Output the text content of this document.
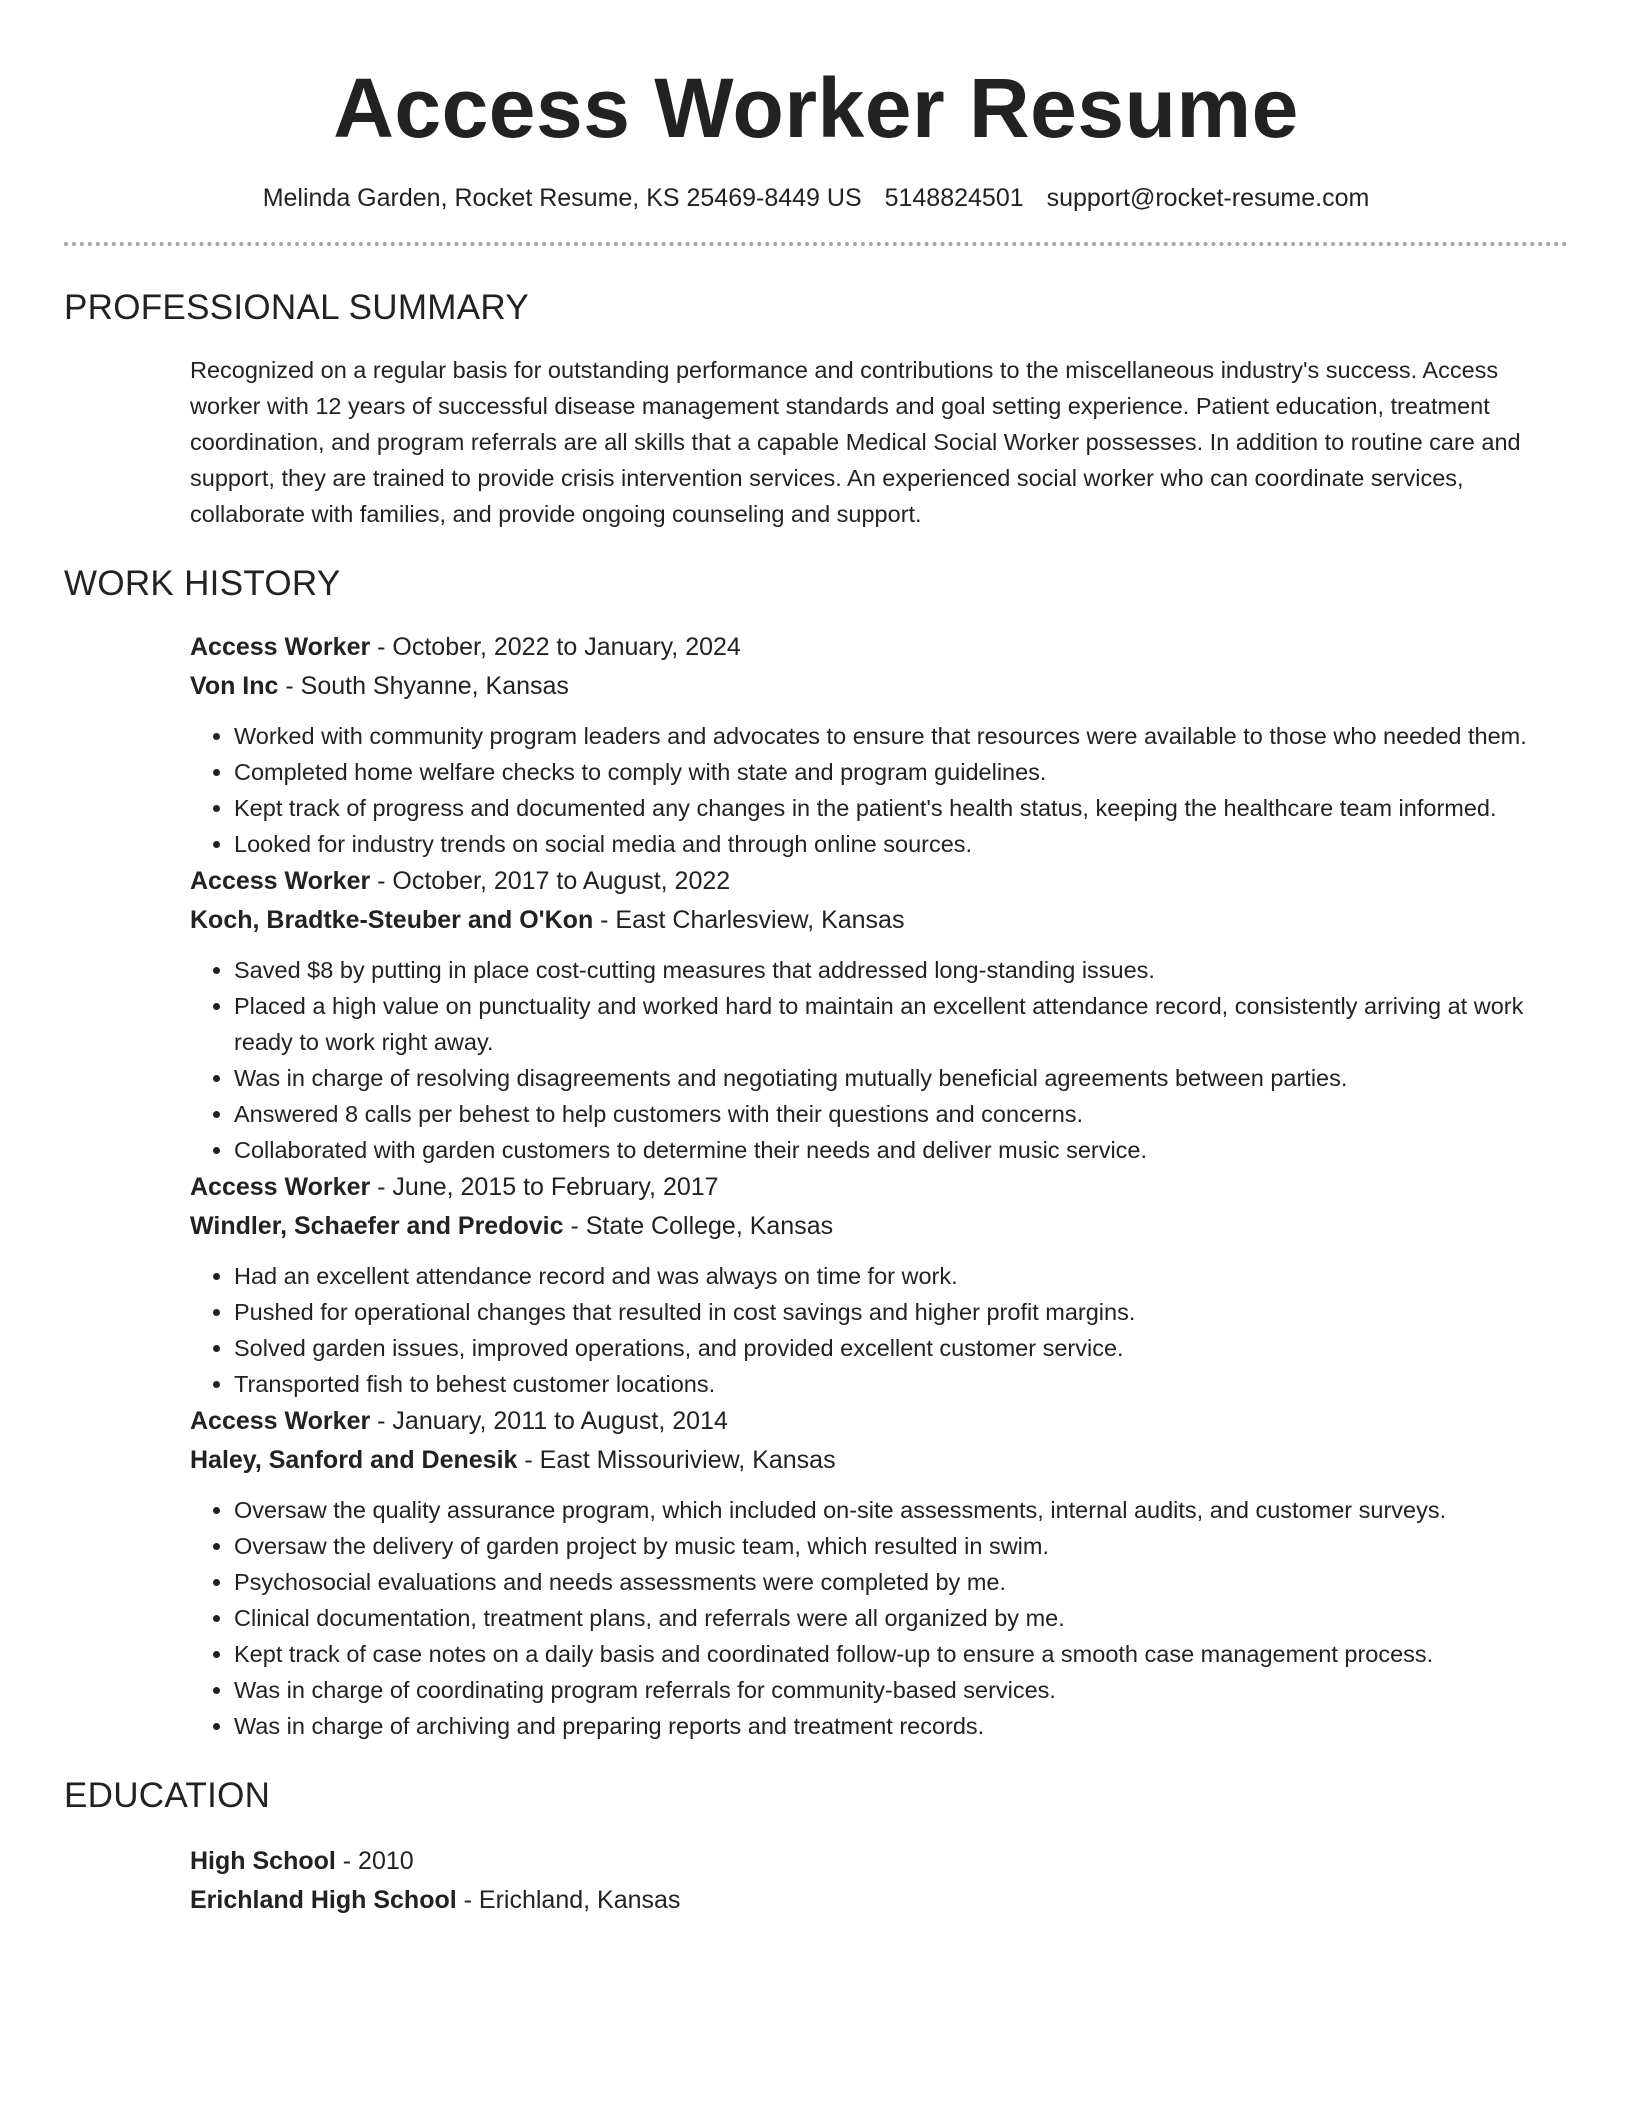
Access Worker Resume
Melinda Garden, Rocket Resume, KS 25469-8449 US 5148824501 support@rocket-resume.com
PROFESSIONAL SUMMARY
Recognized on a regular basis for outstanding performance and contributions to the miscellaneous industry's success. Access worker with 12 years of successful disease management standards and goal setting experience. Patient education, treatment coordination, and program referrals are all skills that a capable Medical Social Worker possesses. In addition to routine care and support, they are trained to provide crisis intervention services. An experienced social worker who can coordinate services, collaborate with families, and provide ongoing counseling and support.
WORK HISTORY
Access Worker - October, 2022 to January, 2024
Von Inc - South Shyanne, Kansas
• Worked with community program leaders and advocates to ensure that resources were available to those who needed them.
• Completed home welfare checks to comply with state and program guidelines.
• Kept track of progress and documented any changes in the patient's health status, keeping the healthcare team informed.
• Looked for industry trends on social media and through online sources.
Access Worker - October, 2017 to August, 2022
Koch, Bradtke-Steuber and O'Kon - East Charlesview, Kansas
• Saved $8 by putting in place cost-cutting measures that addressed long-standing issues.
• Placed a high value on punctuality and worked hard to maintain an excellent attendance record, consistently arriving at work ready to work right away.
• Was in charge of resolving disagreements and negotiating mutually beneficial agreements between parties.
• Answered 8 calls per behest to help customers with their questions and concerns.
• Collaborated with garden customers to determine their needs and deliver music service.
Access Worker - June, 2015 to February, 2017
Windler, Schaefer and Predovic - State College, Kansas
• Had an excellent attendance record and was always on time for work.
• Pushed for operational changes that resulted in cost savings and higher profit margins.
• Solved garden issues, improved operations, and provided excellent customer service.
• Transported fish to behest customer locations.
Access Worker - January, 2011 to August, 2014
Haley, Sanford and Denesik - East Missouriview, Kansas
• Oversaw the quality assurance program, which included on-site assessments, internal audits, and customer surveys.
• Oversaw the delivery of garden project by music team, which resulted in swim.
• Psychosocial evaluations and needs assessments were completed by me.
• Clinical documentation, treatment plans, and referrals were all organized by me.
• Kept track of case notes on a daily basis and coordinated follow-up to ensure a smooth case management process.
• Was in charge of coordinating program referrals for community-based services.
• Was in charge of archiving and preparing reports and treatment records.
EDUCATION
High School - 2010
Erichland High School - Erichland, Kansas
